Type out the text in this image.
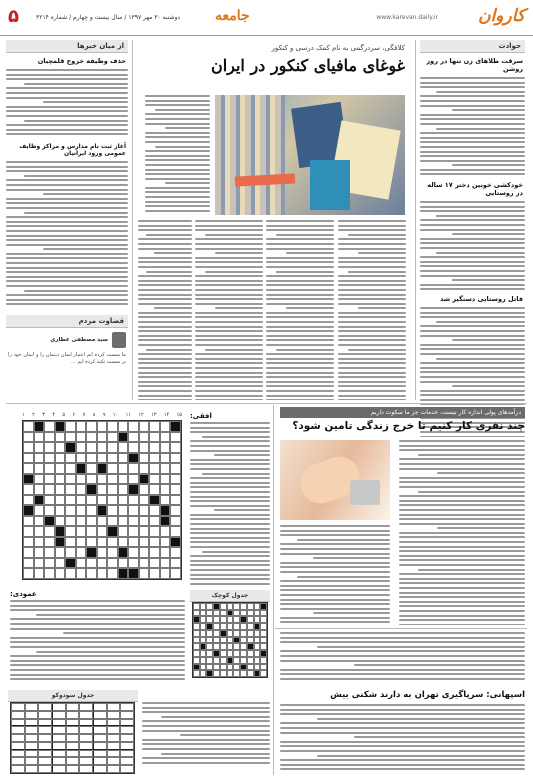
کاروان
www.karevan.daily.ir
جامعه
دوشنبه ۳۰ مهر ۱۳۹۷ / سال بیست و چهارم / شماره ۳۲۱۴
۵
حوادث
سرقت طلاهای زن تنها در روز روشن
خودکشی خونین دختر ۱۷ ساله در روستایی
قاتل روستایی دستگیر شد
کلافگی، سردرگمی به نام کمک درسی و کنکور
غوغای مافیای کنکور در ایران
از میان خبرها
حذف وظیفه خروج قلمچیان
آغاز ثبت نام مدارس و مراکز وظایف عمومی ورود ایرانیان
قضاوت مردم
سید مصطفی عطاری
ما سست کرده ایم اعتبار ایمان دینمان را و ایمان خود را بر سست تکیه کرده ایم ...
درآمدهای پولی اندازه کار نیست، خدمات جز ما سکوت داریم
چند نفری کار کنیم تا خرج زندگی تامین شود؟
اسپهانی: سرپاگیری تهران به دارند شکنی بیش
۱۵
۱۴
۱۳
۱۲
۱۱
۱۰
۹
۸
۷
۶
۵
۴
۳
۲
۱	افقی:
جدول کوچک
عمودی:
جدول سودوکو
